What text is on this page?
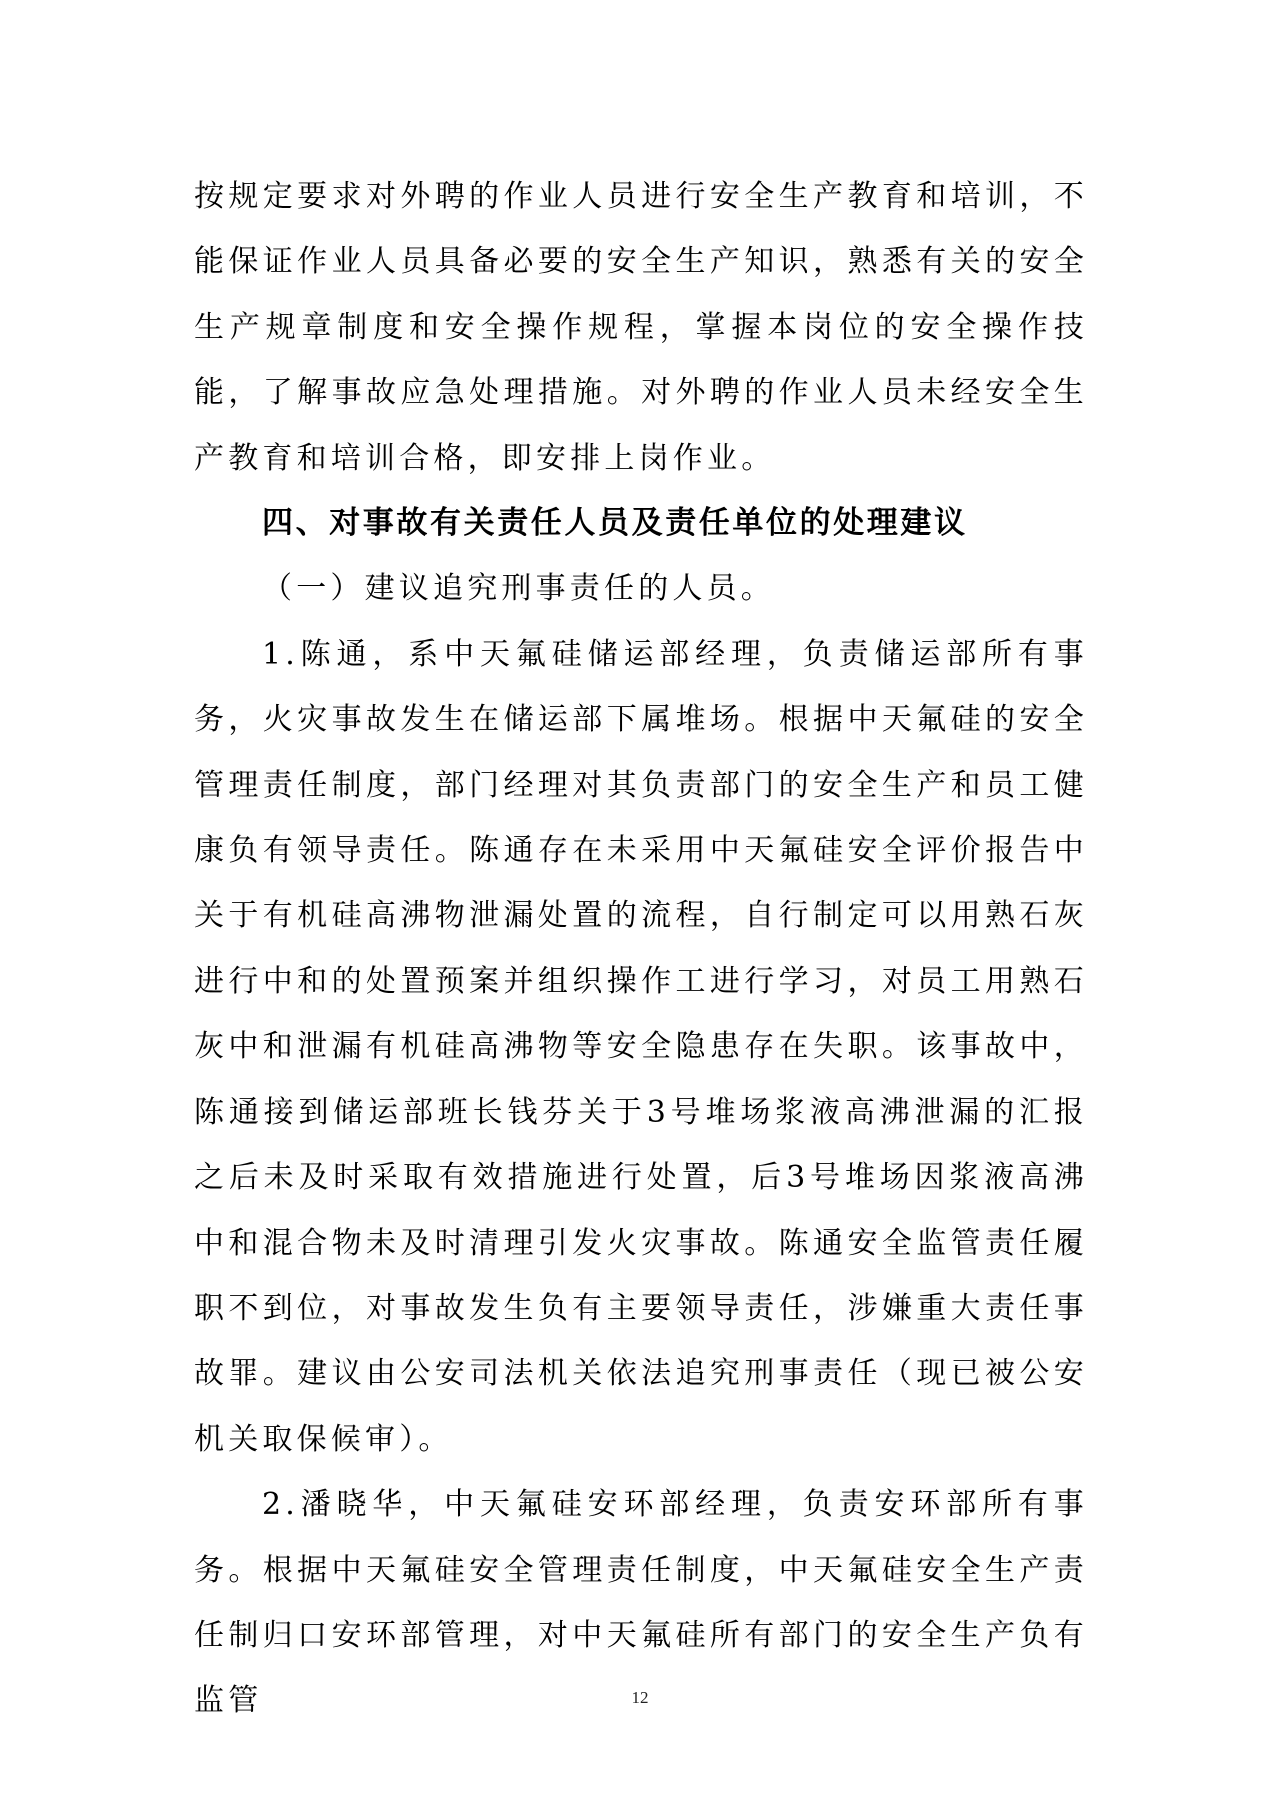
按规定要求对外聘的作业人员进行安全生产教育和培训，不能保证作业人员具备必要的安全生产知识，熟悉有关的安全生产规章制度和安全操作规程，掌握本岗位的安全操作技能，了解事故应急处理措施。对外聘的作业人员未经安全生产教育和培训合格，即安排上岗作业。

四、对事故有关责任人员及责任单位的处理建议

（一）建议追究刑事责任的人员。

1.陈通，系中天氟硅储运部经理，负责储运部所有事务，火灾事故发生在储运部下属堆场。根据中天氟硅的安全管理责任制度，部门经理对其负责部门的安全生产和员工健康负有领导责任。陈通存在未采用中天氟硅安全评价报告中关于有机硅高沸物泄漏处置的流程，自行制定可以用熟石灰进行中和的处置预案并组织操作工进行学习，对员工用熟石灰中和泄漏有机硅高沸物等安全隐患存在失职。该事故中，陈通接到储运部班长钱芬关于3号堆场浆液高沸泄漏的汇报之后未及时采取有效措施进行处置，后3号堆场因浆液高沸中和混合物未及时清理引发火灾事故。陈通安全监管责任履职不到位，对事故发生负有主要领导责任，涉嫌重大责任事故罪。建议由公安司法机关依法追究刑事责任（现已被公安机关取保候审）。

2.潘晓华，中天氟硅安环部经理，负责安环部所有事务。根据中天氟硅安全管理责任制度，中天氟硅安全生产责任制归口安环部管理，对中天氟硅所有部门的安全生产负有监管	12
